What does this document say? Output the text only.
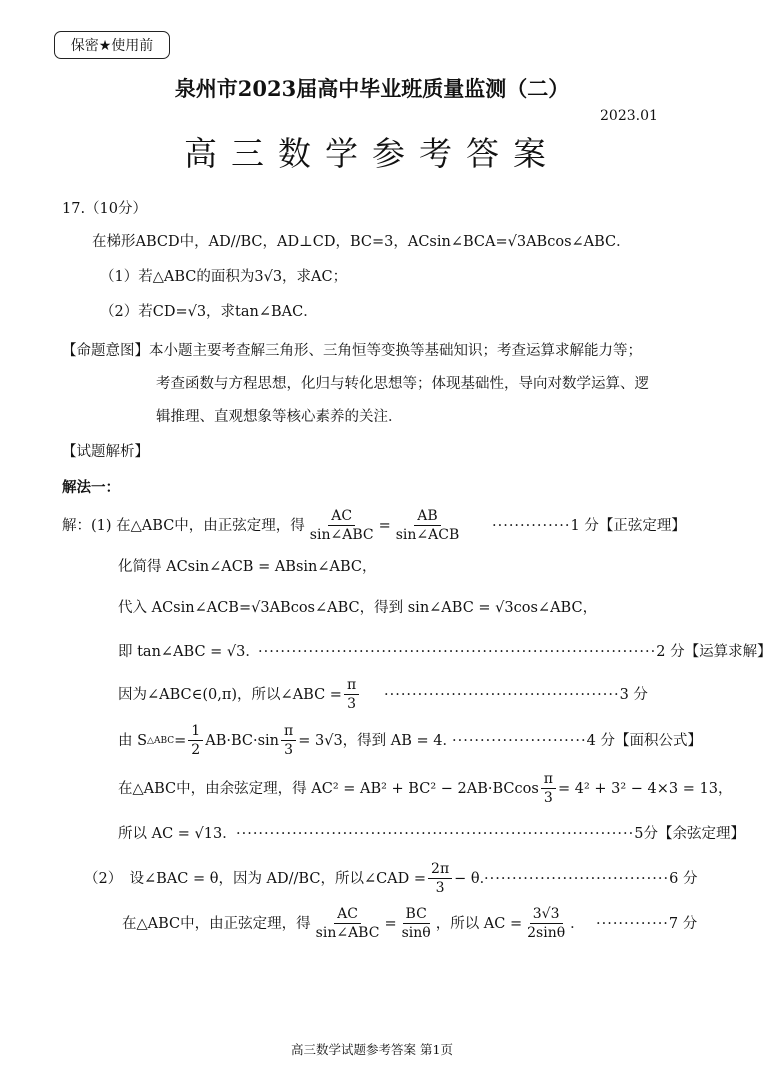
保密★使用前
泉州市2023届高中毕业班质量监测（二）
2023.01
高三数学参考答案
17.（10分）
在梯形ABCD中，AD//BC，AD⊥CD，BC=3，ACsin∠BCA=√3ABcos∠ABC．
（1）若△ABC的面积为3√3，求AC；
（2）若CD=√3，求tan∠BAC．
【命题意图】本小题主要考查解三角形、三角恒等变换等基础知识；考查运算求解能力等；
考查函数与方程思想，化归与转化思想等；体现基础性，导向对数学运算、逻
辑推理、直观想象等核心素养的关注．
【试题解析】
解法一：
解：(1) 在△ABC中，由正弦定理，得 $\frac{AC}{\text{sin∠ABC}} = \frac{AB}{\text{sin∠ACB}} \cdot\cdot\cdot\cdot\cdot\cdot\cdot\cdot\cdot\cdot\cdot\cdot\cdot\cdot 1$ 分【正弦定理】
化简得 ACsin∠ACB = ABsin∠ABC，
代入 ACsin∠ACB=√3ABcos∠ABC，得到 sin∠ABC = √3cos∠ABC，
即 tan∠ABC = √3．
·······································································2 分【运算求解】
因为∠ABC∈(0,π)，所以∠ABC = $\frac{\pi}{3} \cdot\cdot\cdot\cdot\cdot\cdot\cdot\cdot\cdot\cdot\cdot\cdot\cdot\cdot\cdot\cdot\cdot\cdot\cdot\cdot\cdot\cdot\cdot\cdot\cdot\cdot\cdot\cdot\cdot\cdot\cdot\cdot\cdot\cdot\cdot\cdot\cdot\cdot\cdot\cdot\cdot\cdot 3$ 分
由 S △ABC = $\frac{1}{2} AB\cdot BC\cdot\sin \frac{\pi}{3} = 3√3$，得到 AB = 4．
························4 分【面积公式】
在△ABC中，由余弦定理，得 $AC^2 = AB^2 + BC^2 - 2AB\cdot BCcos \frac{\pi}{3} = 4^2 + 3^2 - 4\times 3 = 13$，
所以 AC = √13． ·······································································5分【余弦定理】
（2）　设∠BAC = θ，因为 AD//BC，所以∠CAD = $\frac{2\pi}{3} - \theta$．
·································6 分
在△ABC中，由正弦定理，得 $\frac{AC}{\text{sin∠ABC}} = \frac{BC}{\sin\theta}$ ，所以 AC = $\frac{3√3}{2\sin\theta}$ ． ·············7 分
高三数学试题参考答案 第1页
